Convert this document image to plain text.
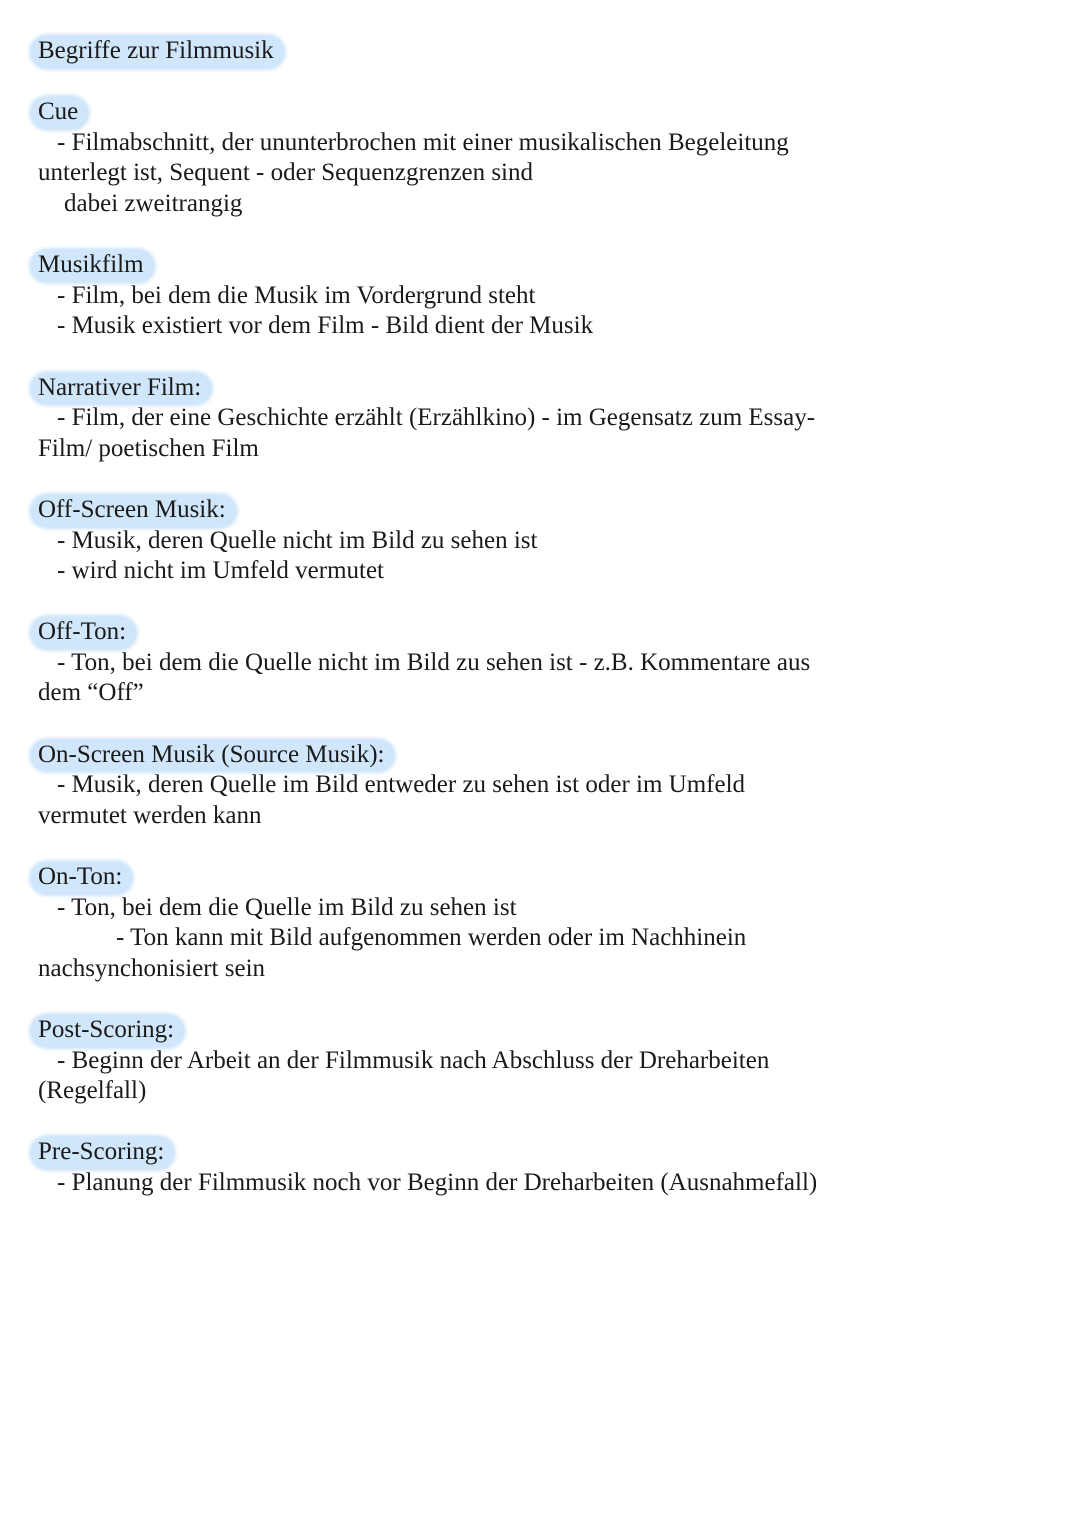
Begriffe zur Filmmusik
Cue
- Filmabschnitt, der ununterbrochen mit einer musikalischen Begeleitung
unterlegt ist, Sequent - oder Sequenzgrenzen sind
dabei zweitrangig
Musikfilm
- Film, bei dem die Musik im Vordergrund steht
- Musik existiert vor dem Film - Bild dient der Musik
Narrativer Film:
- Film, der eine Geschichte erzählt (Erzählkino) - im Gegensatz zum Essay-
Film/ poetischen Film
Off-Screen Musik:
- Musik, deren Quelle nicht im Bild zu sehen ist
- wird nicht im Umfeld vermutet
Off-Ton:
- Ton, bei dem die Quelle nicht im Bild zu sehen ist - z.B. Kommentare aus
dem “Off”
On-Screen Musik (Source Musik):
- Musik, deren Quelle im Bild entweder zu sehen ist oder im Umfeld
vermutet werden kann
On-Ton:
- Ton, bei dem die Quelle im Bild zu sehen ist
- Ton kann mit Bild aufgenommen werden oder im Nachhinein
nachsynchonisiert sein
Post-Scoring:
- Beginn der Arbeit an der Filmmusik nach Abschluss der Dreharbeiten
(Regelfall)
Pre-Scoring:
- Planung der Filmmusik noch vor Beginn der Dreharbeiten (Ausnahmefall)
